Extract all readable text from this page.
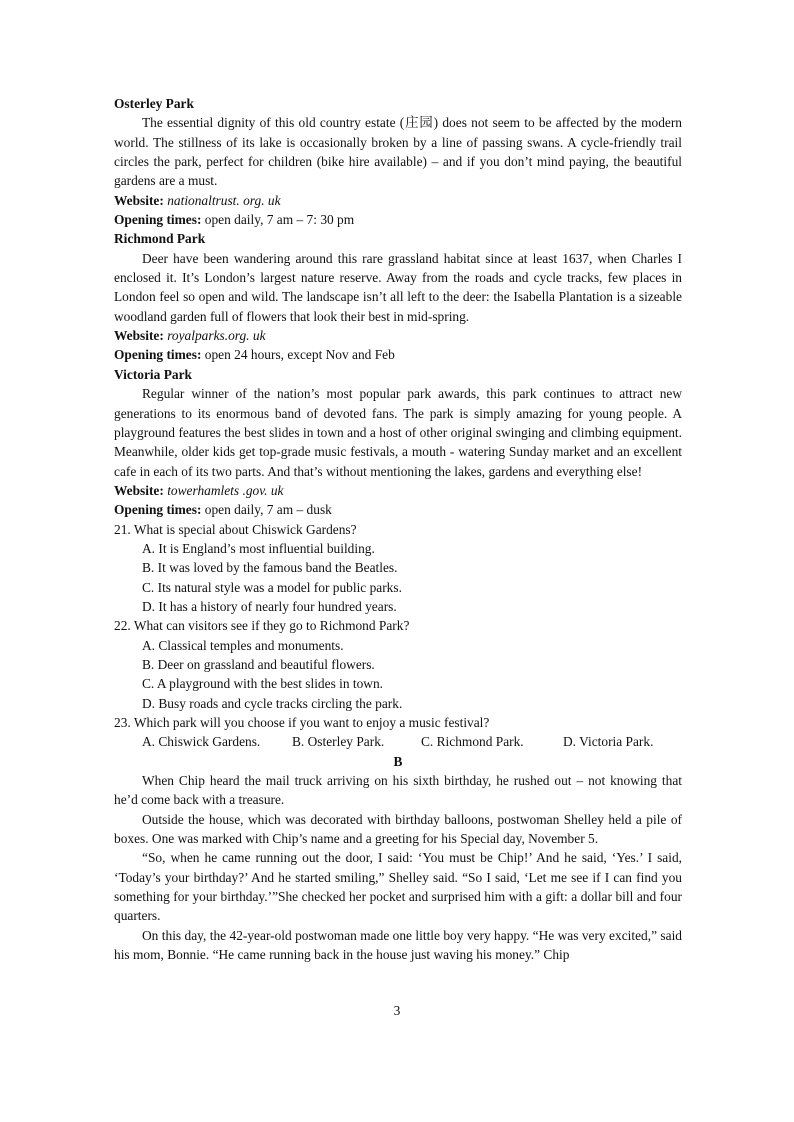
Osterley Park

The essential dignity of this old country estate (庄园) does not seem to be affected by the modern world. The stillness of its lake is occasionally broken by a line of passing swans. A cycle-friendly trail circles the park, perfect for children (bike hire available) – and if you don’t mind paying, the beautiful gardens are a must.

Website: nationaltrust. org. uk

Opening times: open daily, 7 am – 7: 30 pm

Richmond Park

Deer have been wandering around this rare grassland habitat since at least 1637, when Charles I enclosed it. It’s London’s largest nature reserve. Away from the roads and cycle tracks, few places in London feel so open and wild. The landscape isn’t all left to the deer: the Isabella Plantation is a sizeable woodland garden full of flowers that look their best in mid-spring.

Website: royalparks.org. uk

Opening times: open 24 hours, except Nov and Feb

Victoria Park

Regular winner of the nation’s most popular park awards, this park continues to attract new generations to its enormous band of devoted fans. The park is simply amazing for young people. A playground features the best slides in town and a host of other original swinging and climbing equipment. Meanwhile, older kids get top-grade music festivals, a mouth - watering Sunday market and an excellent cafe in each of its two parts. And that’s without mentioning the lakes, gardens and everything else!

Website: towerhamlets .gov. uk

Opening times: open daily, 7 am – dusk

21. What is special about Chiswick Gardens?

A. It is England’s most influential building.

B. It was loved by the famous band the Beatles.

C. Its natural style was a model for public parks.

D. It has a history of nearly four hundred years.

22. What can visitors see if they go to Richmond Park?

A. Classical temples and monuments.

B. Deer on grassland and beautiful flowers.

C. A playground with the best slides in town.

D. Busy roads and cycle tracks circling the park.

23. Which park will you choose if you want to enjoy a music festival?

A. Chiswick Gardens.	B. Osterley Park.	C. Richmond Park.	D. Victoria Park.

B

When Chip heard the mail truck arriving on his sixth birthday, he rushed out – not knowing that he’d come back with a treasure.

Outside the house, which was decorated with birthday balloons, postwoman Shelley held a pile of boxes. One was marked with Chip’s name and a greeting for his Special day, November 5.

“So, when he came running out the door, I said: ‘You must be Chip!’ And he said, ‘Yes.’ I said, ‘Today’s your birthday?’ And he started smiling,” Shelley said. “So I said, ‘Let me see if I can find you something for your birthday.’”She checked her pocket and surprised him with a gift: a dollar bill and four quarters.

On this day, the 42-year-old postwoman made one little boy very happy. “He was very excited,” said his mom, Bonnie. “He came running back in the house just waving his money.” Chip

3
